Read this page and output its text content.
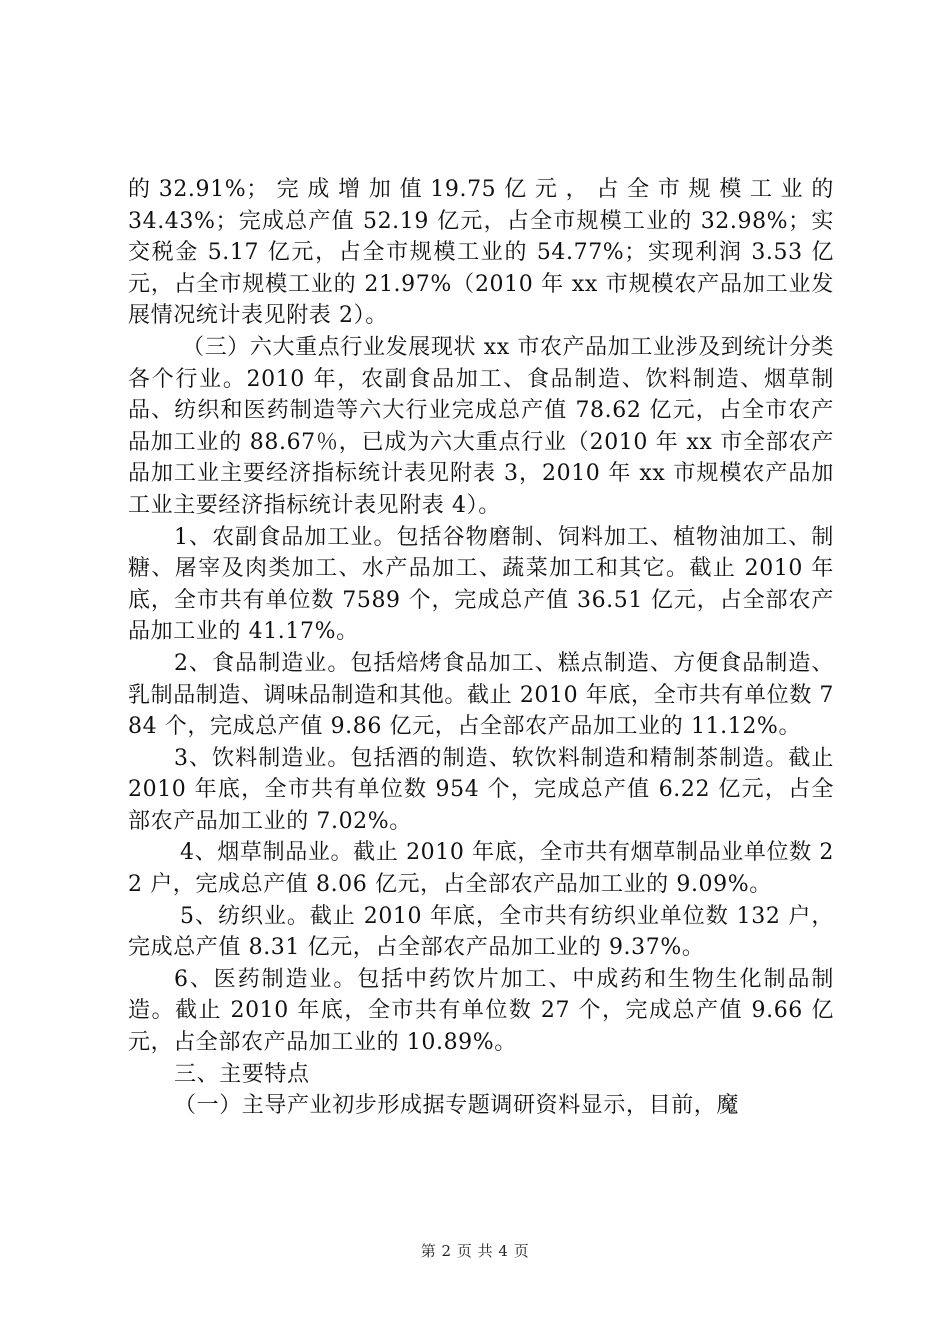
的 32.91%； 完 成 增 加 值 19.75 亿 元 ， 占 全 市 规 模 工 业 的 34.43%；完成总产值 52.19 亿元，占全市规模工业的 32.98%；实交税金 5.17 亿元，占全市规模工业的 54.77%；实现利润 3.53 亿元，占全市规模工业的 21.97%（2010 年 xx 市规模农产品加工业发展情况统计表见附表 2）。

（三）六大重点行业发展现状 xx 市农产品加工业涉及到统计分类各个行业。2010 年，农副食品加工、食品制造、饮料制造、烟草制品、纺织和医药制造等六大行业完成总产值 78.62 亿元，占全市农产品加工业的 88.67％，已成为六大重点行业（2010 年 xx 市全部农产品加工业主要经济指标统计表见附表 3，2010 年 xx 市规模农产品加工业主要经济指标统计表见附表 4）。

1、农副食品加工业。包括谷物磨制、饲料加工、植物油加工、制糖、屠宰及肉类加工、水产品加工、蔬菜加工和其它。截止 2010 年底，全市共有单位数 7589 个，完成总产值 36.51 亿元，占全部农产品加工业的 41.17%。

2、食品制造业。包括焙烤食品加工、糕点制造、方便食品制造、乳制品制造、调味品制造和其他。截止 2010 年底，全市共有单位数 784 个，完成总产值 9.86 亿元，占全部农产品加工业的 11.12%。

3、饮料制造业。包括酒的制造、软饮料制造和精制茶制造。截止 2010 年底，全市共有单位数 954 个，完成总产值 6.22 亿元，占全部农产品加工业的 7.02%。

4、烟草制品业。截止 2010 年底，全市共有烟草制品业单位数 22 户，完成总产值 8.06 亿元，占全部农产品加工业的 9.09%。

5、纺织业。截止 2010 年底，全市共有纺织业单位数 132 户，完成总产值 8.31 亿元，占全部农产品加工业的 9.37%。

6、医药制造业。包括中药饮片加工、中成药和生物生化制品制造。截止 2010 年底，全市共有单位数 27 个，完成总产值 9.66 亿元，占全部农产品加工业的 10.89%。

三、主要特点

（一）主导产业初步形成据专题调研资料显示，目前，魔

第 2 页 共 4 页
